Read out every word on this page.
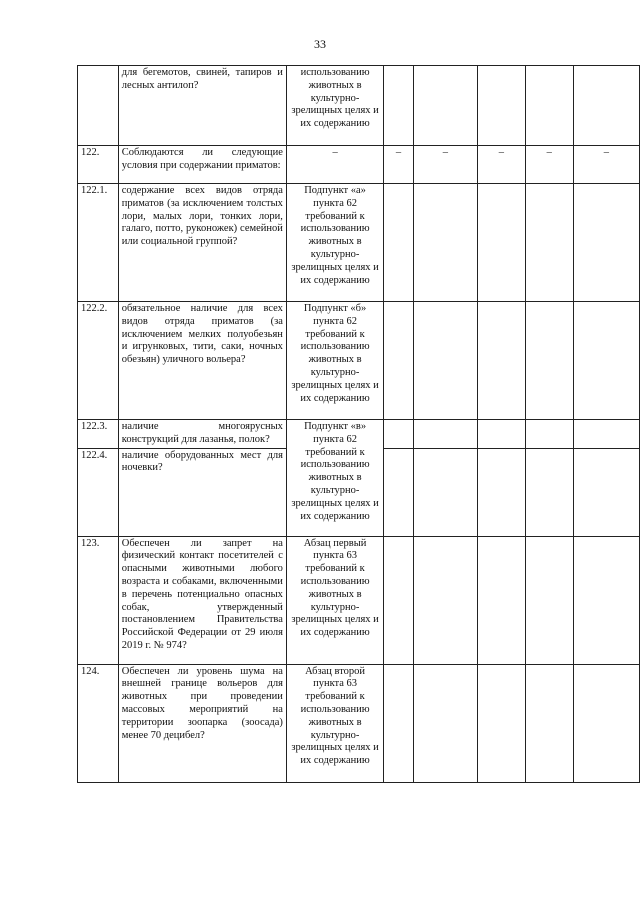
33
	для бегемотов, свиней, тапиров и лесных антилоп?	использованию животных в культурно-зрелищных целях и их содержанию					
122.	Соблюдаются ли следующие условия при содержании приматов:	–	–	–	–	–	–
122.1.	содержание всех видов отряда приматов (за исключением толстых лори, малых лори, тонких лори, галаго, потто, руконожек) семейной или социальной группой?	Подпункт «а» пункта 62 требований к использованию животных в культурно-зрелищных целях и их содержанию					
122.2.	обязательное наличие для всех видов отряда приматов (за исключением мелких полуобезьян и игрунковых, тити, саки, ночных обезьян) уличного вольера?	Подпункт «б» пункта 62 требований к использованию животных в культурно-зрелищных целях и их содержанию					
122.3.	наличие многоярусных конструкций для лазанья, полок?	Подпункт «в» пункта 62 требований к использованию животных в культурно-зрелищных целях и их содержанию					
122.4.	наличие оборудованных мест для ночевки?						
123.	Обеспечен ли запрет на физический контакт посетителей с опасными животными любого возраста и собаками, включенными в перечень потенциально опасных собак, утвержденный постановлением Правительства Российской Федерации от 29 июля 2019 г. № 974?	Абзац первый пункта 63 требований к использованию животных в культурно-зрелищных целях и их содержанию					
124.	Обеспечен ли уровень шума на внешней границе вольеров для животных при проведении массовых мероприятий на территории зоопарка (зоосада) менее 70 децибел?	Абзац второй пункта 63 требований к использованию животных в культурно-зрелищных целях и их содержанию					
